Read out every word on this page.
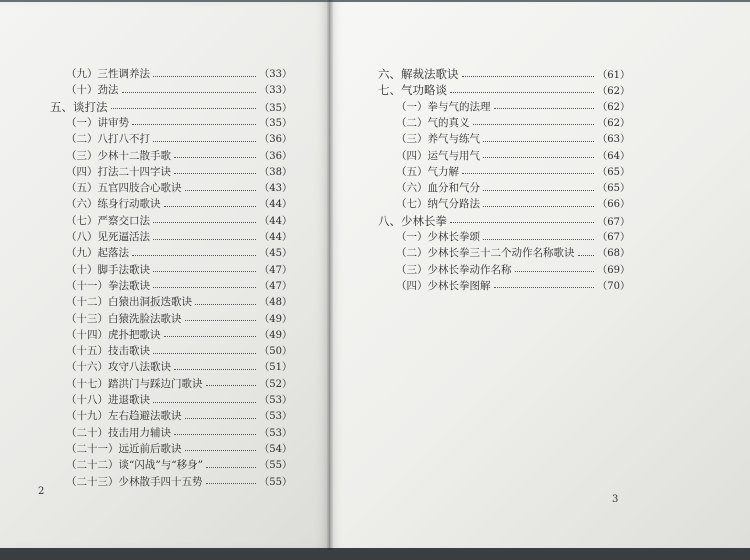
（九）三性调养法	（33）
（十）劲法	（33）
五、谈打法	（35）
（一）讲审势	（35）
（二）八打八不打	（36）
（三）少林十二散手歌	（36）
（四）打法二十四字诀	（38）
（五）五官四肢合心歌诀	（43）
（六）练身行动歌诀	（44）
（七）严察交口法	（44）
（八）见死逼活法	（44）
（九）起落法	（45）
（十）脚手法歌诀	（47）
（十一）拳法歌诀	（47）
（十二）白猿出洞扳迭歌诀	（48）
（十三）白猿洗脸法歌诀	（49）
（十四）虎扑把歌诀	（49）
（十五）技击歌诀	（50）
（十六）攻守八法歌诀	（51）
（十七）踏洪门与踩边门歌诀	（52）
（十八）进退歌诀	（53）
（十九）左右趋避法歌诀	（53）
（二十）技击用力辅诀	（53）
（二十一）远近前后歌诀	（54）
（二十二）谈“闪战”与“移身”	（55）
（二十三）少林散手四十五势	（55）
2
六、解裁法歌诀	（61）
七、气功略谈	（62）
（一）拳与气的法理	（62）
（二）气的真义	（62）
（三）养气与练气	（63）
（四）运气与用气	（64）
（五）气力解	（65）
（六）血分和气分	（65）
（七）纳气分路法	（66）
八、少林长拳	（67）
（一）少林长拳颂	（67）
（二）少林长拳三十二个动作名称歌诀 （68）
（三）少林长拳动作名称	（69）
（四）少林长拳图解	（70）
3
